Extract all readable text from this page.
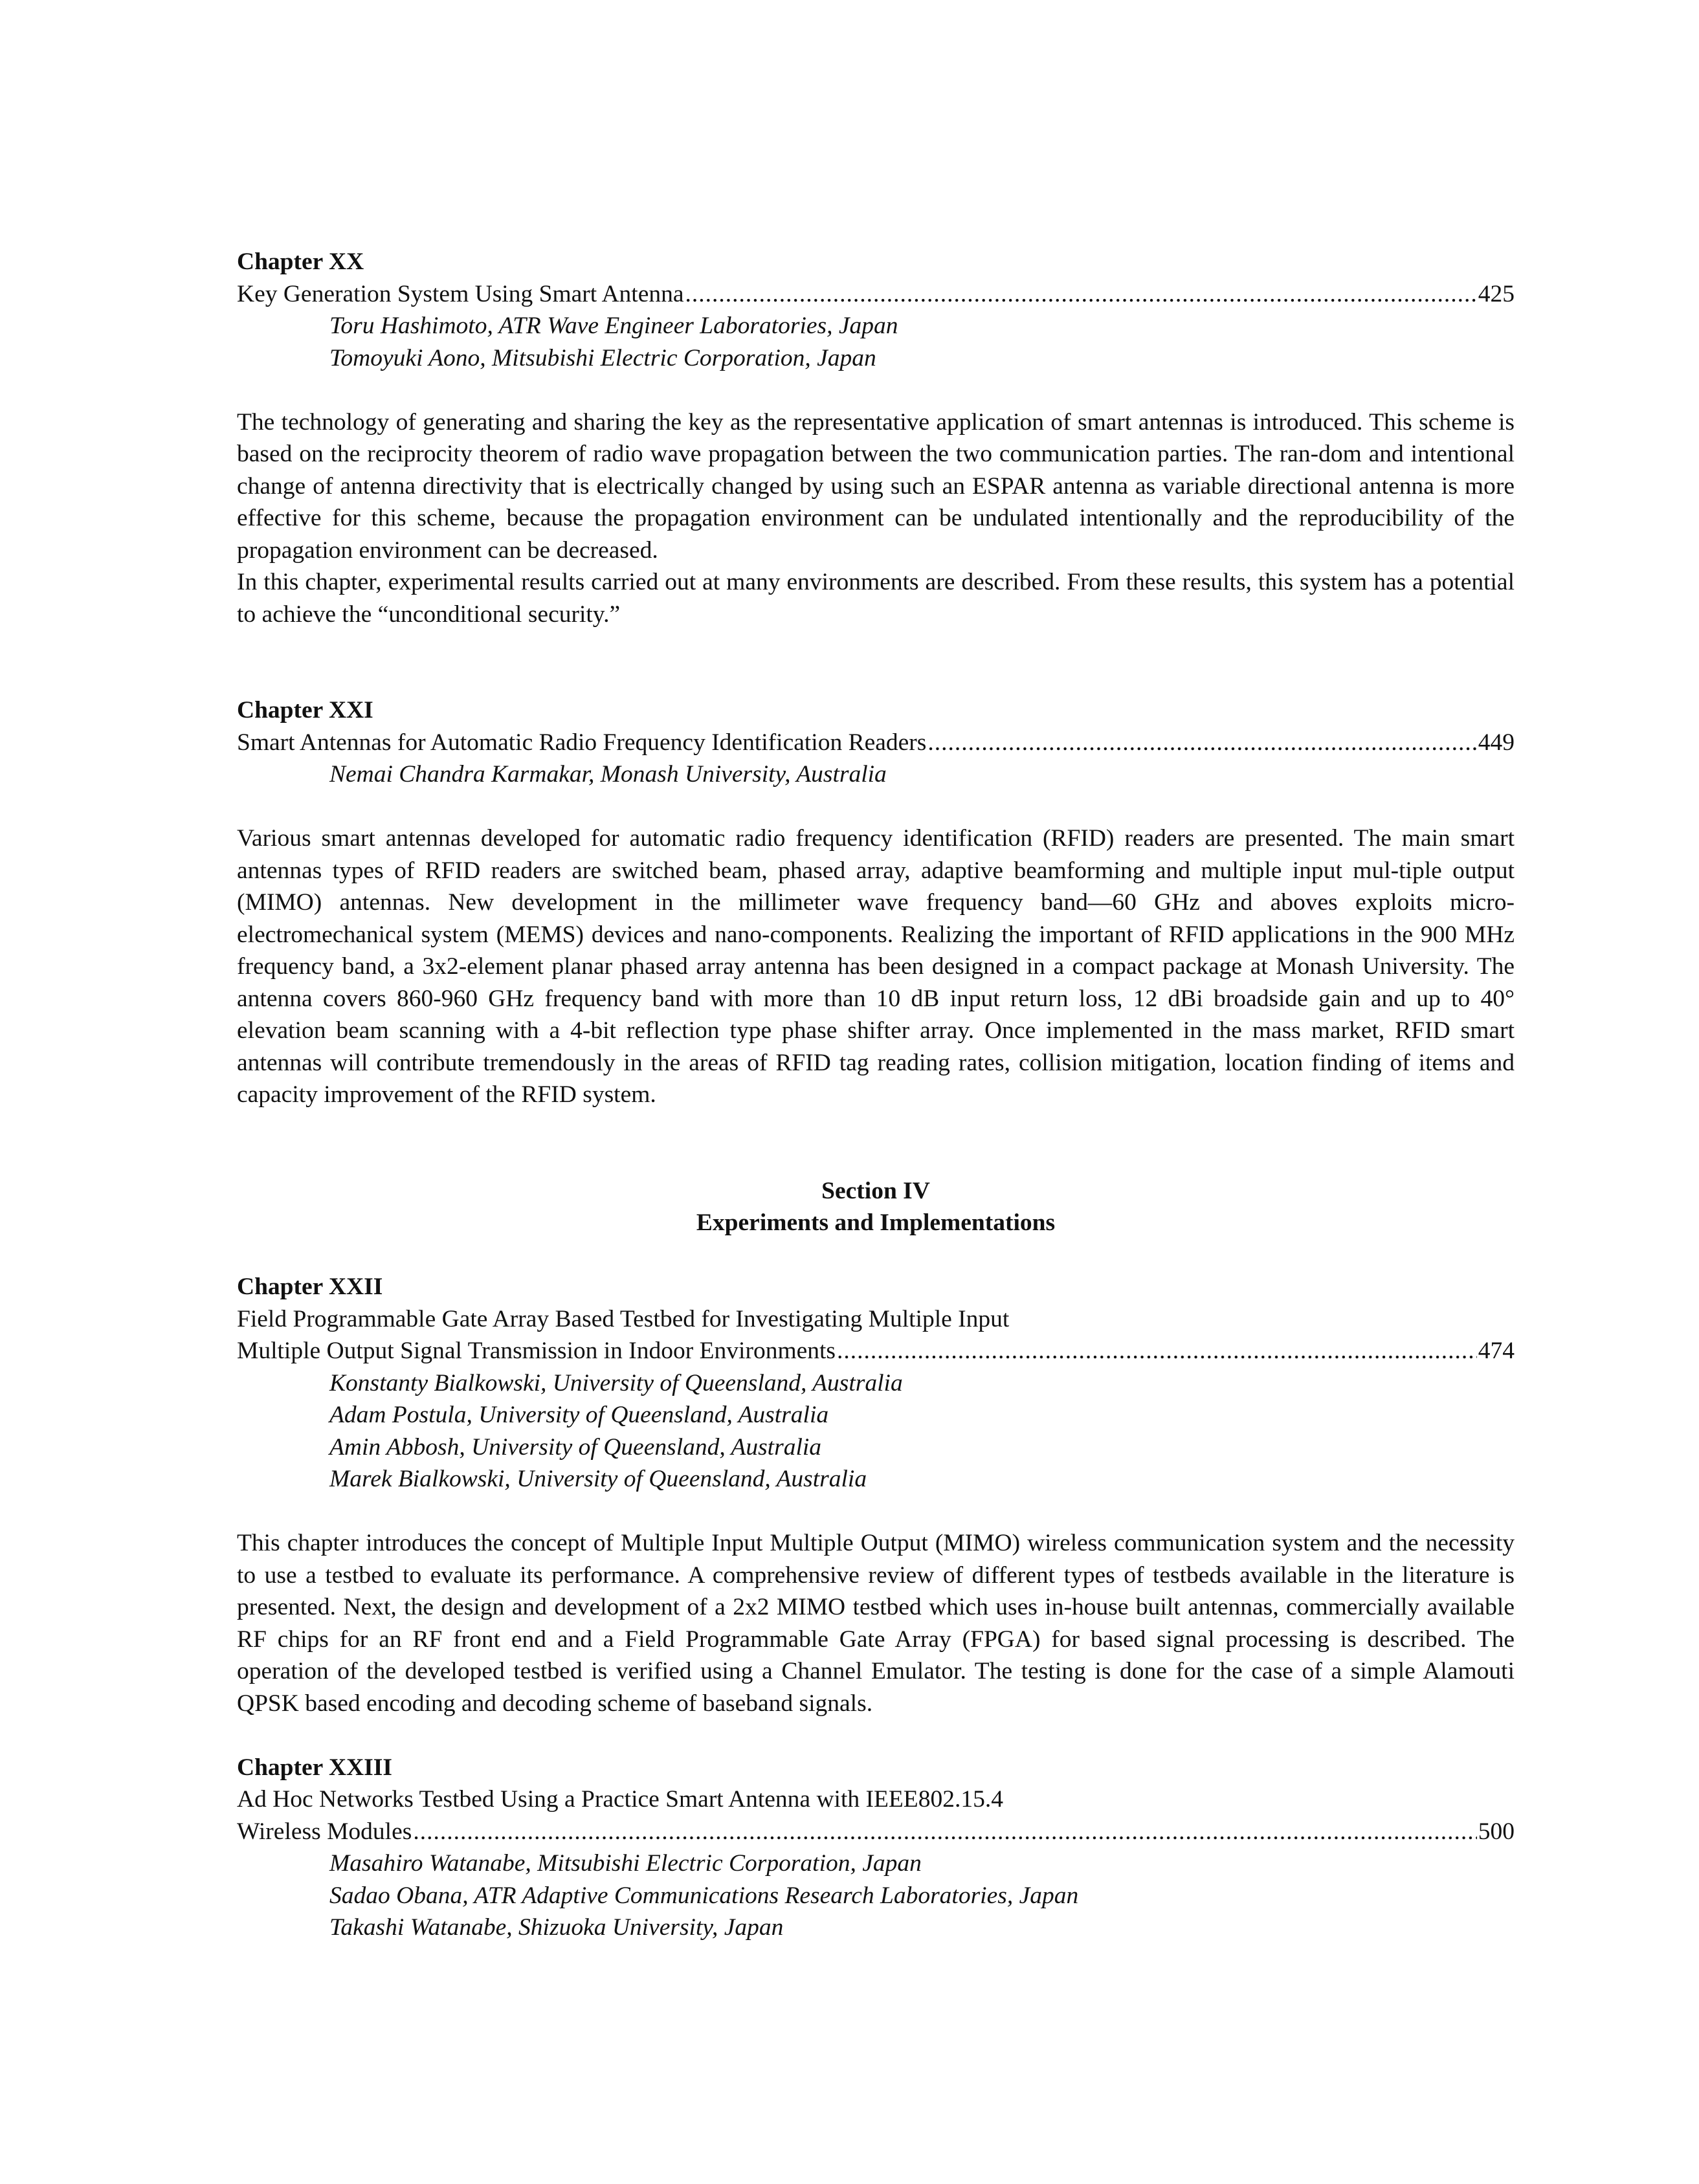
Chapter XX
Key Generation System Using Smart Antenna .....	425
Toru Hashimoto, ATR Wave Engineer Laboratories, Japan
Tomoyuki Aono, Mitsubishi Electric Corporation, Japan

The technology of generating and sharing the key as the representative application of smart antennas is introduced. This scheme is based on the reciprocity theorem of radio wave propagation between the two communication parties. The ran-dom and intentional change of antenna directivity that is electrically changed by using such an ESPAR antenna as variable directional antenna is more effective for this scheme, because the propagation environment can be undulated intentionally and the reproducibility of the propagation environment can be decreased.

In this chapter, experimental results carried out at many environments are described. From these results, this system has a potential to achieve the “unconditional security.”

Chapter XXI
Smart Antennas for Automatic Radio Frequency Identification Readers .....	449
Nemai Chandra Karmakar, Monash University, Australia

Various smart antennas developed for automatic radio frequency identification (RFID) readers are presented. The main smart antennas types of RFID readers are switched beam, phased array, adaptive beamforming and multiple input mul-tiple output (MIMO) antennas. New development in the millimeter wave frequency band—60 GHz and aboves exploits micro-electromechanical system (MEMS) devices and nano-components. Realizing the important of RFID applications in the 900 MHz frequency band, a 3x2-element planar phased array antenna has been designed in a compact package at Monash University. The antenna covers 860-960 GHz frequency band with more than 10 dB input return loss, 12 dBi broadside gain and up to 40° elevation beam scanning with a 4-bit reflection type phase shifter array. Once implemented in the mass market, RFID smart antennas will contribute tremendously in the areas of RFID tag reading rates, collision mitigation, location finding of items and capacity improvement of the RFID system.

Section IV
Experiments and Implementations
Chapter XXII
Field Programmable Gate Array Based Testbed for Investigating Multiple Input
Multiple Output Signal Transmission in Indoor Environments .....	474
Konstanty Bialkowski, University of Queensland, Australia
Adam Postula, University of Queensland, Australia
Amin Abbosh, University of Queensland, Australia
Marek Bialkowski, University of Queensland, Australia

This chapter introduces the concept of Multiple Input Multiple Output (MIMO) wireless communication system and the necessity to use a testbed to evaluate its performance. A comprehensive review of different types of testbeds available in the literature is presented. Next, the design and development of a 2x2 MIMO testbed which uses in-house built antennas, commercially available RF chips for an RF front end and a Field Programmable Gate Array (FPGA) for based signal processing is described. The operation of the developed testbed is verified using a Channel Emulator. The testing is done for the case of a simple Alamouti QPSK based encoding and decoding scheme of baseband signals.

Chapter XXIII
Ad Hoc Networks Testbed Using a Practice Smart Antenna with IEEE802.15.4
Wireless Modules .....	500
Masahiro Watanabe, Mitsubishi Electric Corporation, Japan
Sadao Obana, ATR Adaptive Communications Research Laboratories, Japan
Takashi Watanabe, Shizuoka University, Japan
